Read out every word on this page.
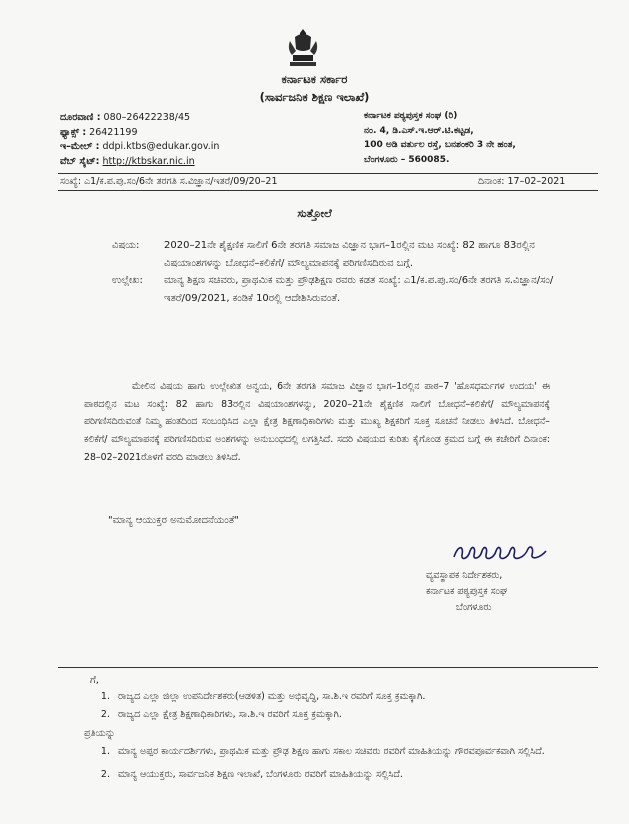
ಕರ್ನಾಟಕ ಸರ್ಕಾರ
(ಸಾರ್ವಜನಿಕ ಶಿಕ್ಷಣ ಇಲಾಖೆ)
ದೂರವಾಣಿ : 080–26422238/45
ಫ್ಯಾಕ್ಸ್ : 26421199
ಇ–ಮೇಲ್ : ddpi.ktbs@edukar.gov.in
ವೆಬ್ ಸೈಟ್: http://ktbskar.nic.in
ಕರ್ನಾಟಕ ಪಠ್ಯಪುಸ್ತಕ ಸಂಘ (ರಿ)
ನಂ. 4, ಡಿ.ಎಸ್.ಇ.ಆರ್.ಟಿ.ಕಟ್ಟಡ,
100 ಅಡಿ ವರ್ತುಲ ರಸ್ತೆ, ಬನಶಂಕರಿ 3 ನೇ ಹಂತ,
ಬೆಂಗಳೂರು – 560085.
ಸಂಖ್ಯೆ: ಎ1/ಕ.ಪ.ಪು.ಸಂ/6ನೇ ತರಗತಿ ಸ.ವಿಜ್ಞಾನ/ಇತರೆ/09/20–21	ದಿನಾಂಕ: 17–02–2021
ಸುತ್ತೋಲೆ
ವಿಷಯ:	2020–21ನೇ ಶೈಕ್ಷಣಿಕ ಸಾಲಿಗೆ 6ನೇ ತರಗತಿ ಸಮಾಜ ವಿಜ್ಞಾನ ಭಾಗ–1ರಲ್ಲಿನ ಮಟ ಸಂಖ್ಯೆ: 82 ಹಾಗೂ 83ರಲ್ಲಿನ ವಿಷಯಾಂಶಗಳನ್ನು ಬೋಧನೆ–ಕಲಿಕೆಗೆ/ ಮೌಲ್ಯಮಾಪನಕ್ಕೆ ಪರಿಗಣಿಸದಿರುವ ಬಗ್ಗೆ.
ಉಲ್ಲೇಖ:	ಮಾನ್ಯ ಶಿಕ್ಷಣ ಸಚಿವರು, ಪ್ರಾಥಮಿಕ ಮತ್ತು ಪ್ರೌಢಶಿಕ್ಷಣ ರವರು ಕಡತ ಸಂಖ್ಯೆ: ಎ1/ಕ.ಪ.ಪು.ಸಂ/6ನೇ ತರಗತಿ ಸ.ವಿಜ್ಞಾನ/ಸಂ/ಇತರೆ/09/2021, ಕಂಡಿಕೆ 10ರಲ್ಲಿ ಆದೇಶಿಸಿರುವಂತೆ.
ಮೇಲಿನ ವಿಷಯ ಹಾಗು ಉಲ್ಲೇಖಿತ ಅನ್ವಯ, 6ನೇ ತರಗತಿ ಸಮಾಜ ವಿಜ್ಞಾನ ಭಾಗ–1ರಲ್ಲಿನ ಪಾಠ–7 'ಹೊಸಧರ್ಮಗಳ ಉದಯ' ಈ ಪಾಠದಲ್ಲಿನ ಮಟ ಸಂಖ್ಯೆ: 82 ಹಾಗು 83ರಲ್ಲಿನ ವಿಷಯಾಂಶಗಳನ್ನು, 2020–21ನೇ ಶೈಕ್ಷಣಿಕ ಸಾಲಿಗೆ ಬೋಧನೆ–ಕಲಿಕೆಗೆ/ ಮೌಲ್ಯಮಾಪನಕ್ಕೆ ಪರಿಗಣಿಸದಿರುವಂತೆ ನಿಮ್ಮ ಹಂತದಿಂದ ಸಂಬಂಧಿಸಿದ ಎಲ್ಲಾ ಕ್ಷೇತ್ರ ಶಿಕ್ಷಣಾಧಿಕಾರಿಗಳು ಮತ್ತು ಮುಖ್ಯ ಶಿಕ್ಷಕರಿಗೆ ಸೂಕ್ತ ಸೂಚನೆ ನೀಡಲು ತಿಳಿಸಿದೆ. ಬೋಧನೆ–ಕಲಿಕೆಗೆ/ ಮೌಲ್ಯಮಾಪನಕ್ಕೆ ಪರಿಗಣಿಸದಿರುವ ಅಂಶಗಳನ್ನು ಅನುಬಂಧದಲ್ಲಿ ಲಗತ್ತಿಸಿದೆ. ಸದರಿ ವಿಷಯದ ಕುರಿತು ಕೈಗೊಂಡ ಕ್ರಮದ ಬಗ್ಗೆ ಈ ಕಚೇರಿಗೆ ದಿನಾಂಕ: 28–02–2021ರೊಳಗೆ ವರದಿ ಮಾಡಲು ತಿಳಿಸಿದೆ.
"ಮಾನ್ಯ ಆಯುಕ್ತರ ಅನುಮೋದನೆಯಂತೆ"
ವ್ಯವಸ್ಥಾಪಕ ನಿರ್ದೇಶಕರು,
ಕರ್ನಾಟಕ ಪಠ್ಯಪುಸ್ತಕ ಸಂಘ
ಬೆಂಗಳೂರು
ಗೆ,
1. ರಾಜ್ಯದ ಎಲ್ಲಾ ಜಿಲ್ಲಾ ಉಪನಿರ್ದೇಶಕರು(ಆಡಳಿತ) ಮತ್ತು ಅಭಿವೃದ್ಧಿ, ಸಾ.ಶಿ.ಇ ರವರಿಗೆ ಸೂಕ್ತ ಕ್ರಮಕ್ಕಾಗಿ.
2. ರಾಜ್ಯದ ಎಲ್ಲಾ ಕ್ಷೇತ್ರ ಶಿಕ್ಷಣಾಧಿಕಾರಿಗಳು, ಸಾ.ಶಿ.ಇ ರವರಿಗೆ ಸೂಕ್ತ ಕ್ರಮಕ್ಕಾಗಿ.
ಪ್ರತಿಯನ್ನು
1. ಮಾನ್ಯ ಅಪ್ಪರ ಕಾರ್ಯದರ್ಶಿಗಳು, ಪ್ರಾಥಮಿಕ ಮತ್ತು ಪ್ರೌಢ ಶಿಕ್ಷಣ ಹಾಗು ಸಕಾಲ ಸಚಿವರು ರವರಿಗೆ ಮಾಹಿತಿಯನ್ನು ಗೌರವಪೂರ್ವಕವಾಗಿ ಸಲ್ಲಿಸಿದೆ.
2. ಮಾನ್ಯ ಆಯುಕ್ತರು, ಸಾರ್ವಜನಿಕ ಶಿಕ್ಷಣ ಇಲಾಖೆ, ಬೆಂಗಳೂರು ರವರಿಗೆ ಮಾಹಿತಿಯನ್ನು ಸಲ್ಲಿಸಿದೆ.
